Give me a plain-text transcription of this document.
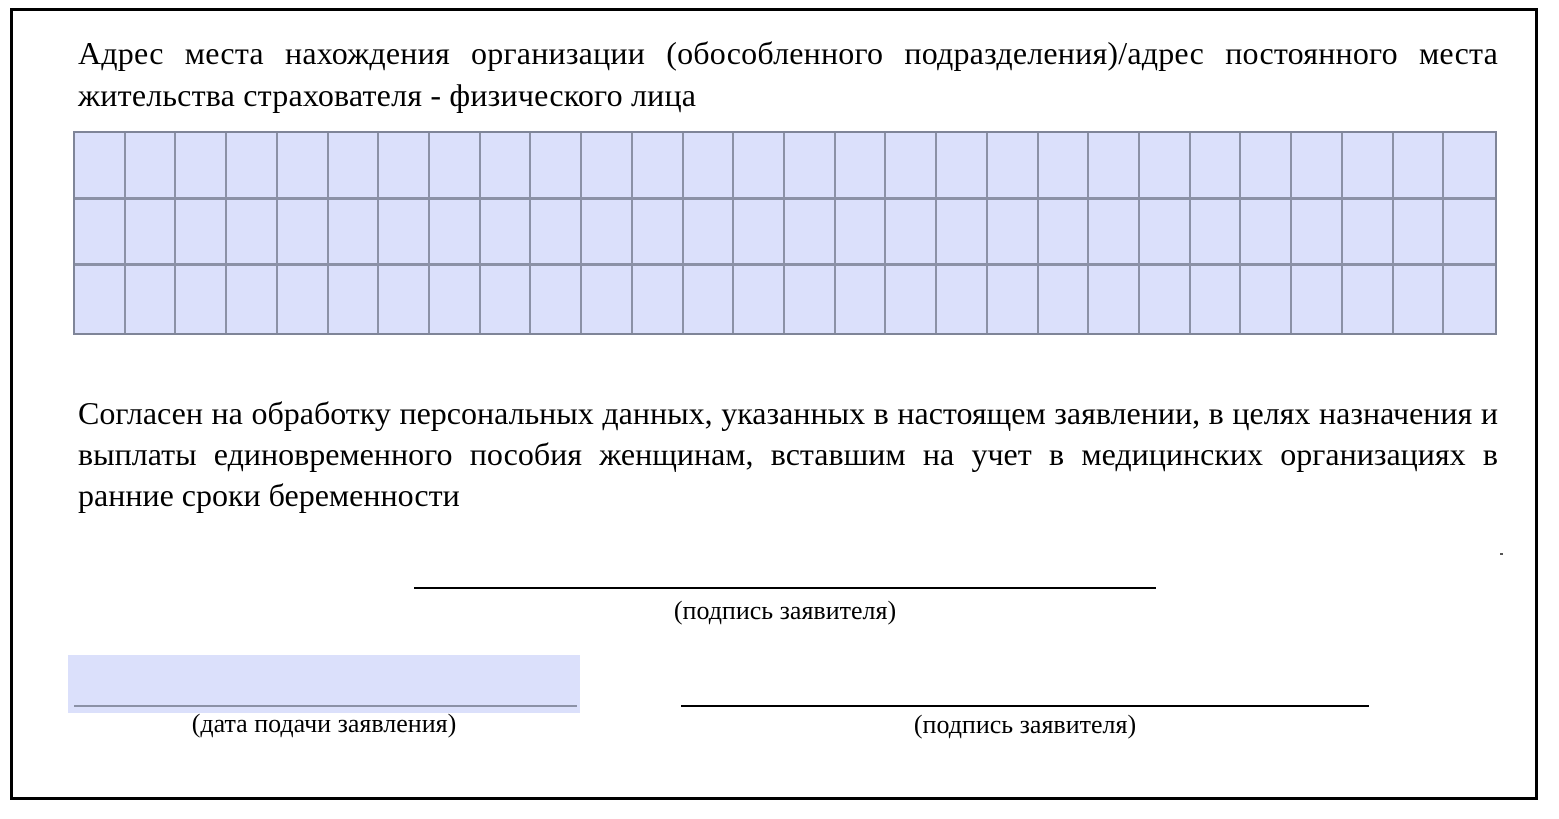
Адрес места нахождения организации (обособленного подразделения)/адрес постоянного места жительства страхователя - физического лица
Согласен на обработку персональных данных, указанных в настоящем заявлении, в целях назначения и выплаты единовременного пособия женщинам, вставшим на учет в медицинских организациях в ранние сроки беременности
(подпись заявителя)
(дата подачи заявления)	(подпись заявителя)
